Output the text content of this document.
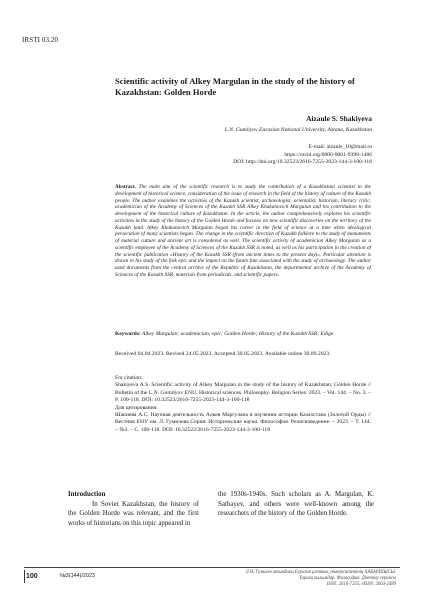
IRSTI 03.20
Scientific activity of Alkey Margulan in the study of the history of Kazakhstan: Golden Horde
Aizaule S. Shakiyeva
L.N. Gumilyov Eurasian National University, Astana, Kazakhstan
E-mail: aizaule_10@mail.ru
https://orcid.org/0000-0001-9398-1486
DOI: http://doi.org/10.32523/2616-7255-2023-144-3-100-118
Abstract. The main aim of the scientific research is to study the contribution of a Kazakhstani scientist to the development of historical science, consideration of the issue of research in the field of the history of culture of the Kazakh people. The author examines the activities of the Kazakh scientist, archaeologist, orientalist, historian, literary critic, academician of the Academy of Sciences of the Kazakh SSR Alkey Khakanovich Margulan and his contribution to the development of the historical culture of Kazakhstan. In the article, the author comprehensively explores his scientific activities in the study of the history of the Golden Horde and focuses on new scientific discoveries on the territory of the Kazakh land. Alkey Khakanovich Margulan began his career in the field of science at a time when ideological persecution of many scientists began. The change in the scientific direction of Kazakh folklore to the study of monuments of material culture and ancient art is considered as well. The scientific activity of academician Alkey Margulan as a scientific employee of the Academy of Sciences of the Kazakh SSR is noted, as well as his participation in the creation of the scientific publication «History of the Kazakh SSR (from ancient times to the present day)». Particular attention is drawn to his study of the folk epic and the impact on the future fate associated with the study of archaeology. The author used documents from the central archive of the Republic of Kazakhstan, the departmental archive of the Academy of Sciences of the Kazakh SSR, materials from periodicals, and scientific papers.
Keywords: Alkey Margulan; academician; epic; Golden Horde; History of the Kazakh SSR; Edige
Received 04.04.2023. Revised 24.05.2023. Accepted 30.05.2023. Available online 30.09.2023.

For citation:

Shakiyeva A.S. Scientific activity of Alkey Margulan in the study of the history of Kazakhstan: Golden Horde // Bulletin of the L.N. Gumilyov ENU. Historical sciences. Philosophy. Religion Series. 2023. – Vol. 144. – No. 3. – P. 100-118. DOI: 10.32523/2616-7255-2023-144-3-100-118

Для цитирования:

Шакиева А.С. Научная деятельность Алкея Маргулана в изучении истории Казахстана (Золотой Орды) //Вестник ЕНУ им. Л. Гумилева Серия: Исторические науки. Философия. Религиоведение. – 2023. – Т. 144. – №3. – С. 100-118. DOI: 10.32523/2616-7255-2023-144-3-100-118

Introduction

In Soviet Kazakhstan, the history of the Golden Horde was relevant, and the first works of historians on this topic appeared in

the 1930s-1940s. Such scholars as A. Margulan, K. Satbayev, and others were well-known among the researchers of the history of the Golden Horde.

100	№3(144)/2023
Л.Н. Гумилев атындағы Еуразия ұлттық университетінің ХАБАРШЫСЫ.
Тарихи ғылымдар. Философия. Дінтану сериясы
ISSN: 2616-7255, eISSN: 2663-2489
